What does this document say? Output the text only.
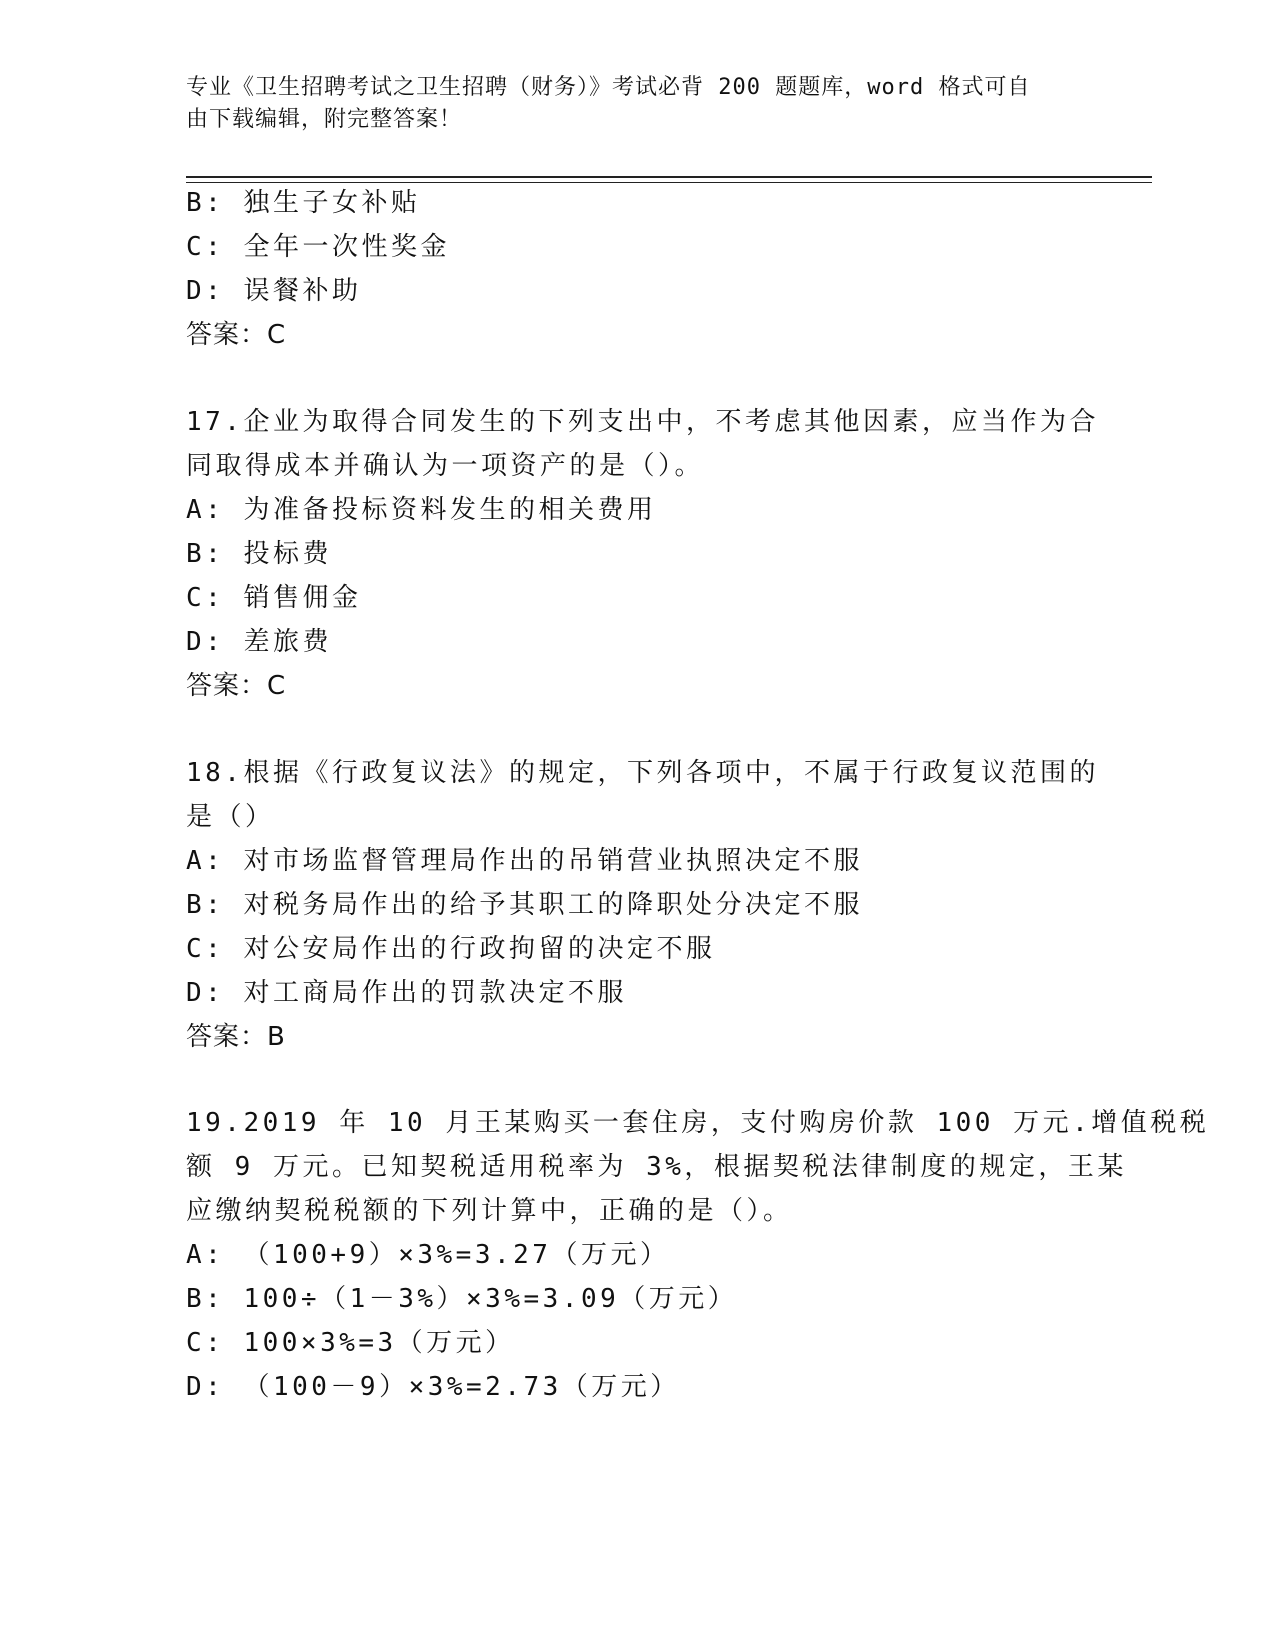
专业《卫生招聘考试之卫生招聘（财务）》考试必背 200 题题库，word 格式可自
由下载编辑，附完整答案！
B: 独生子女补贴
C: 全年一次性奖金
D: 误餐补助
答案：C
17.企业为取得合同发生的下列支出中，不考虑其他因素，应当作为合
同取得成本并确认为一项资产的是（）。
A: 为准备投标资料发生的相关费用
B: 投标费
C: 销售佣金
D: 差旅费
答案：C
18.根据《行政复议法》的规定，下列各项中，不属于行政复议范围的
是（）
A: 对市场监督管理局作出的吊销营业执照决定不服
B: 对税务局作出的给予其职工的降职处分决定不服
C: 对公安局作出的行政拘留的决定不服
D: 对工商局作出的罚款决定不服
答案：B
19.2019 年 10 月王某购买一套住房，支付购房价款 100 万元.增值税税
额 9 万元。已知契税适用税率为 3%，根据契税法律制度的规定，王某
应缴纳契税税额的下列计算中，正确的是（）。
A: （100+9）×3%=3.27（万元）
B: 100÷（1－3%）×3%=3.09（万元）
C: 100×3%=3（万元）
D: （100－9）×3%=2.73（万元）
